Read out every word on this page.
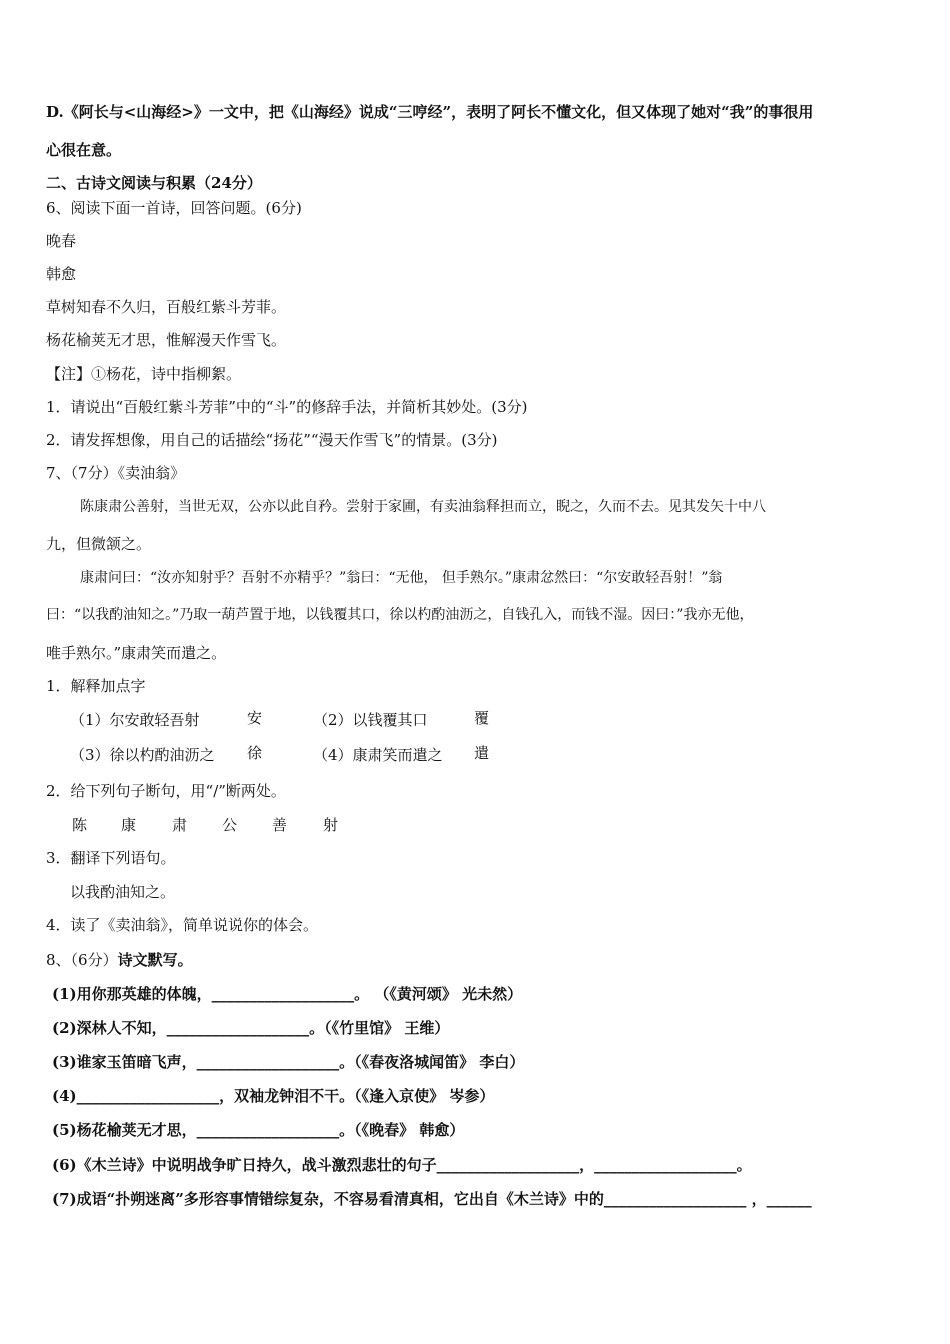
D.《阿长与<山海经>》一文中，把《山海经》说成“三哼经”，表明了阿长不懂文化，但又体现了她对“我”的事很用
心很在意。
二、古诗文阅读与积累（24分）
6、阅读下面一首诗，回答问题。(6分)
晚春
韩愈
草树知春不久归，百般红紫斗芳菲。
杨花榆荚无才思，惟解漫天作雪飞。
【注】①杨花，诗中指柳絮。
1．请说出“百般红紫斗芳菲”中的“斗”的修辞手法，并简析其妙处。(3分)
2．请发挥想像，用自己的话描绘“扬花”“漫天作雪飞”的情景。(3分)
7、（7分）《卖油翁》
陈康肃公善射，当世无双，公亦以此自矜。尝射于家圃，有卖油翁释担而立，睨之，久而不去。见其发矢十中八
九，但微颔之。
康肃问曰：“汝亦知射乎？吾射不亦精乎？”翁曰：“无他， 但手熟尔。”康肃忿然曰：“尔安敢轻吾射！”翁
曰：“以我酌油知之。”乃取一葫芦置于地，以钱覆其口，徐以杓酌油沥之，自钱孔入，而钱不湿。因曰：”我亦无他，
唯手熟尔。”康肃笑而遣之。
1．解释加点字
（1）尔安敢轻吾射	安	（2）以钱覆其口	覆
（3）徐以杓酌油沥之 徐	（4）康肃笑而遣之 遣
2．给下列句子断句，用“/”断两处。
陈 康 肃 公 善 射
3．翻译下列语句。
以我酌油知之。
4．读了《卖油翁》，简单说说你的体会。
8、（6分）诗文默写。
(1)用你那英雄的体魄，___________________。 （《黄河颂》 光未然）
(2)深林人不知，___________________。（《竹里馆》 王维）
(3)谁家玉笛暗飞声，___________________。（《春夜洛城闻笛》 李白）
(4)___________________，双袖龙钟泪不干。（《逢入京使》 岑参）
(5)杨花榆荚无才思，___________________。（《晚春》 韩愈）
(6)《木兰诗》中说明战争旷日持久，战斗激烈悲壮的句子___________________，___________________。
(7)成语“扑朔迷离”多形容事情错综复杂，不容易看清真相，它出自《木兰诗》中的___________________ ，______
